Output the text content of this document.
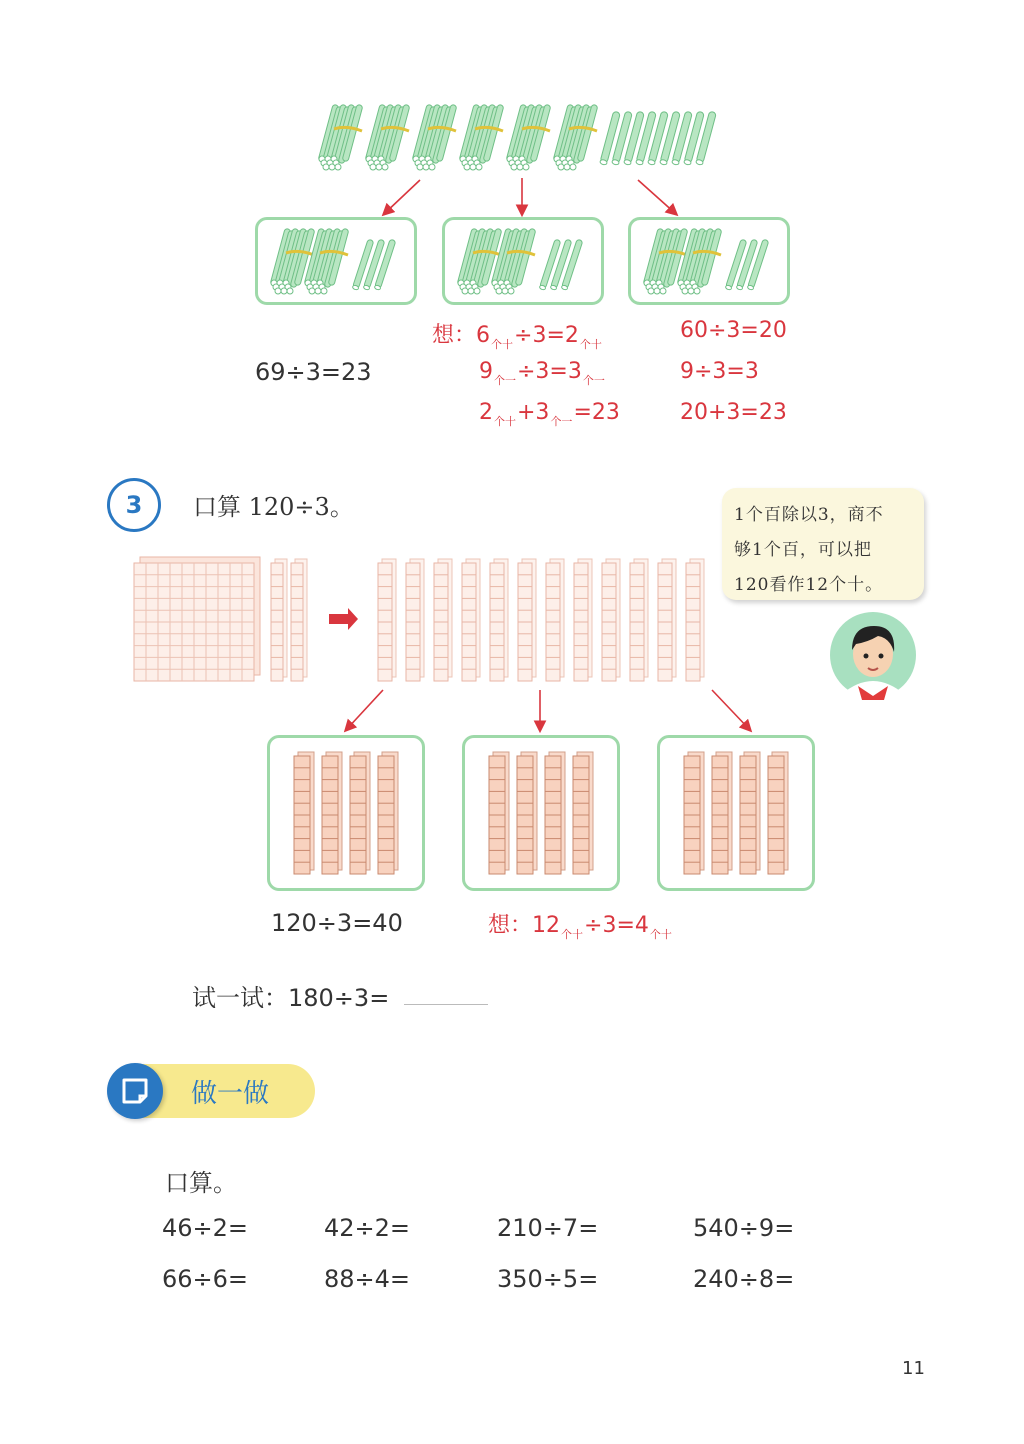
69÷3=23
想：$6_{个十}\div 3=2_{个十}$
$9_{个一}\div 3=3_{个一}$
$2_{个十}+3_{个一}=23$
60÷3=20
9÷3=3
20+3=23
3	口算 120÷3。	1个百除以3，商不
够1个百，可以把
120看作12个十。
120÷3=40	想：$12_{个十}\div 3=4_{个十}$
试一试：180÷3=
做一做
口算。
46÷2=	42÷2=	210÷7=	540÷9=
66÷6=	88÷4=	350÷5=	240÷8=
11
